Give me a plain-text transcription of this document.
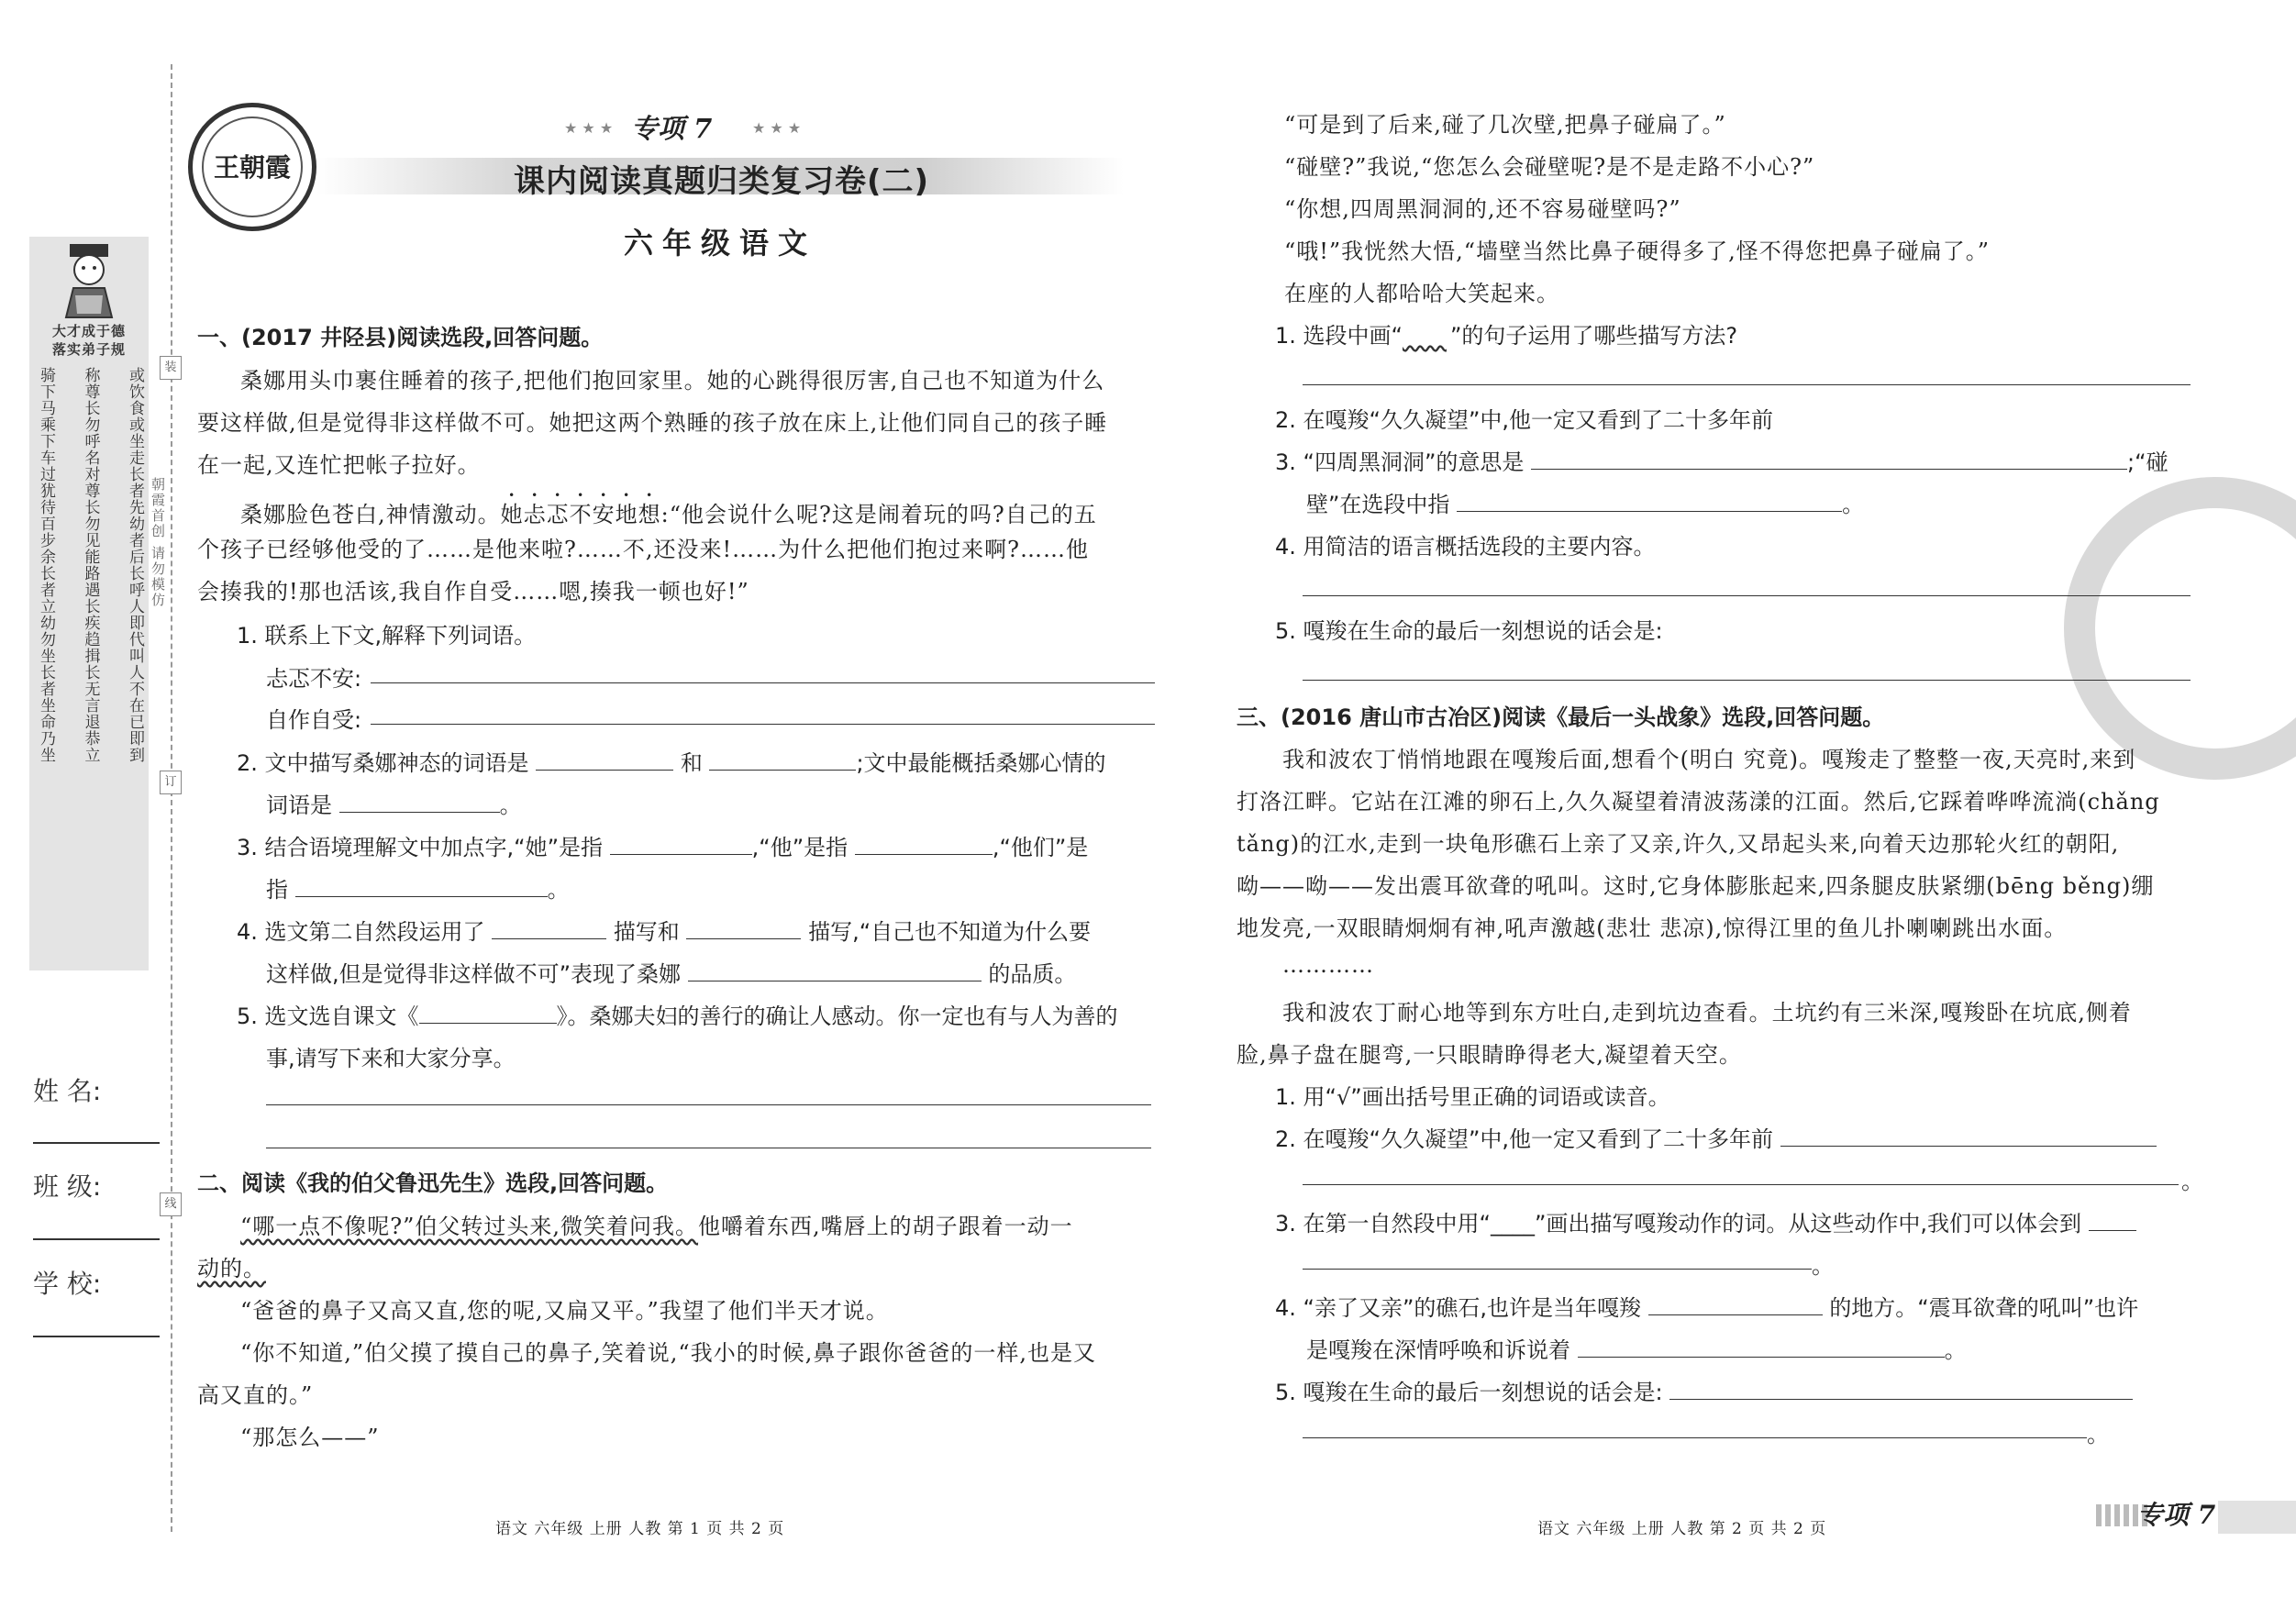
大才成于德
落实弟子规
骑下马乘下车过犹待百步余长者立幼勿坐长者坐命乃坐 称尊长勿呼名对尊长勿见能路遇长疾趋揖长无言退恭立 或饮食或坐走长者先幼者后长呼人即代叫人不在已即到 朝霞首创 请勿模仿
装
订
线
姓 名:
班 级:
学 校:
王朝霞
★ ★ ★	★ ★ ★
专项 7
课内阅读真题归类复习卷(二)
六年级语文
一、(2017 井陉县)阅读选段,回答问题。
桑娜用头巾裹住睡着的孩子,把他们抱回家里。她的心跳得很厉害,自己也不知道为什么
要这样做,但是觉得非这样做不可。她把这两个熟睡的孩子放在床上,让他们同自己的孩子睡
在一起,又连忙把帐子拉好。
桑娜脸色苍白,神情激动。她忐忑不安地想:“他会说什么呢?这是闹着玩的吗?自己的五
个孩子已经够他受的了……是他来啦?……不,还没来!……为什么把他们抱过来啊?……他
会揍我的!那也活该,我自作自受……嗯,揍我一顿也好!”
1. 联系上下文,解释下列词语。
忐忑不安:
自作自受:
2. 文中描写桑娜神态的词语是	和	;文中最能概括桑娜心情的
词语是	。
3. 结合语境理解文中加点字,“她”是指	,“他”是指	,“他们”是
指	。
4. 选文第二自然段运用了	描写和	描写,“自己也不知道为什么要
这样做,但是觉得非这样做不可”表现了桑娜	的品质。
5. 选文选自课文《	》。桑娜夫妇的善行的确让人感动。你一定也有与人为善的
事,请写下来和大家分享。
二、阅读《我的伯父鲁迅先生》选段,回答问题。
“哪一点不像呢?”伯父转过头来,微笑着问我。他嚼着东西,嘴唇上的胡子跟着一动一
动的。
“爸爸的鼻子又高又直,您的呢,又扁又平。”我望了他们半天才说。
“你不知道,”伯父摸了摸自己的鼻子,笑着说,“我小的时候,鼻子跟你爸爸的一样,也是又
高又直的。”
“那怎么——”
语文 六年级 上册 人教 第 1 页 共 2 页
“可是到了后来,碰了几次壁,把鼻子碰扁了。”
“碰壁?”我说,“您怎么会碰壁呢?是不是走路不小心?”
“你想,四周黑洞洞的,还不容易碰壁吗?”
“哦!”我恍然大悟,“墙壁当然比鼻子硬得多了,怪不得您把鼻子碰扁了。”
在座的人都哈哈大笑起来。
1. 选段中画“ ”的句子运用了哪些描写方法?
2. 在嘎羧“久久凝望”中,他一定又看到了二十多年前
3. “四周黑洞洞”的意思是	;“碰
壁”在选段中指	。
4. 用简洁的语言概括选段的主要内容。
5. 嘎羧在生命的最后一刻想说的话会是:
三、(2016 唐山市古冶区)阅读《最后一头战象》选段,回答问题。
我和波农丁悄悄地跟在嘎羧后面,想看个(明白 究竟)。嘎羧走了整整一夜,天亮时,来到
打洛江畔。它站在江滩的卵石上,久久凝望着清波荡漾的江面。然后,它踩着哗哗流淌(chǎng
tǎng)的江水,走到一块龟形礁石上亲了又亲,许久,又昂起头来,向着天边那轮火红的朝阳,
呦——呦——发出震耳欲聋的吼叫。这时,它身体膨胀起来,四条腿皮肤紧绷(bēng běng)绷
地发亮,一双眼睛炯炯有神,吼声激越(悲壮 悲凉),惊得江里的鱼儿扑喇喇跳出水面。
…………
我和波农丁耐心地等到东方吐白,走到坑边查看。土坑约有三米深,嘎羧卧在坑底,侧着
脸,鼻子盘在腿弯,一只眼睛睁得老大,凝望着天空。
1. 用“√”画出括号里正确的词语或读音。
2. 在嘎羧“久久凝望”中,他一定又看到了二十多年前
。
3. 在第一自然段中用“____”画出描写嘎羧动作的词。从这些动作中,我们可以体会到
。
4. “亲了又亲”的礁石,也许是当年嘎羧	的地方。“震耳欲聋的吼叫”也许
是嘎羧在深情呼唤和诉说着	。
5. 嘎羧在生命的最后一刻想说的话会是:
。
语文 六年级 上册 人教 第 2 页 共 2 页	专项 7
